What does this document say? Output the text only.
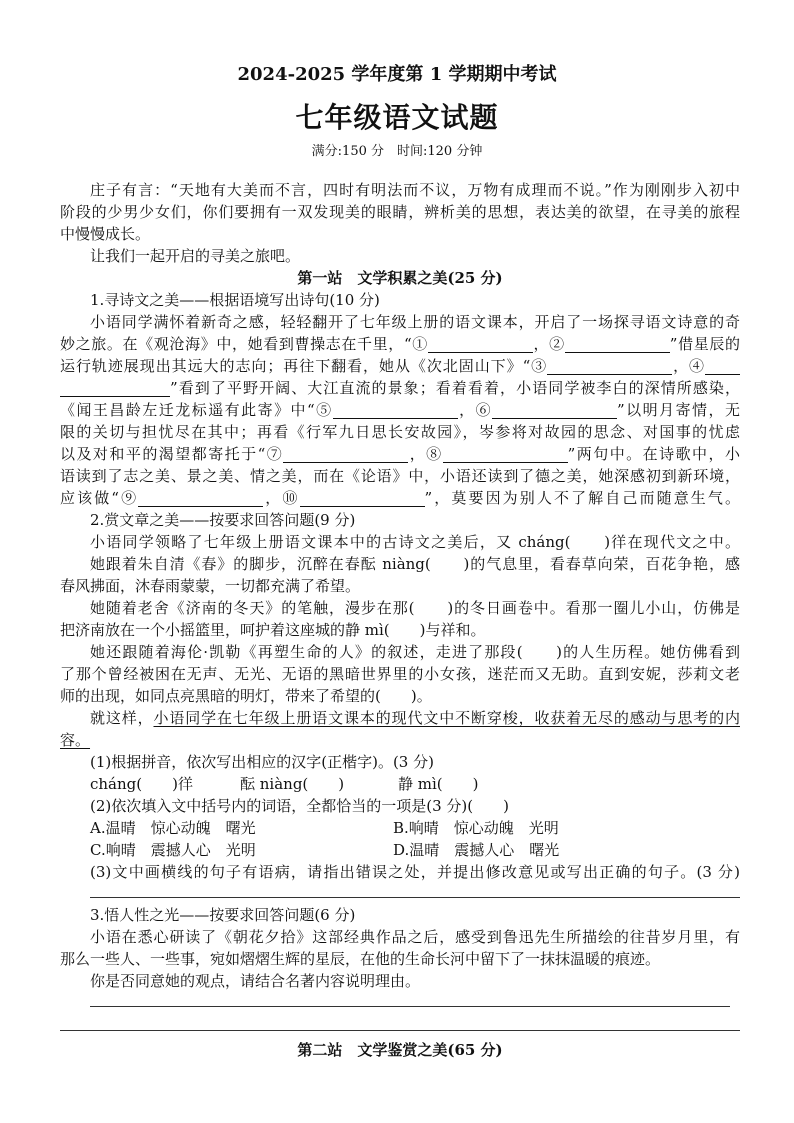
2024-2025 学年度第 1 学期期中考试
七年级语文试题
满分:150 分　时间:120 分钟
庄子有言：“天地有大美而不言，四时有明法而不议，万物有成理而不说。”作为刚刚步入初中
阶段的少男少女们，你们要拥有一双发现美的眼睛，辨析美的思想，表达美的欲望，在寻美的旅程
中慢慢成长。
让我们一起开启的寻美之旅吧。
第一站　文学积累之美(25 分)
1.寻诗文之美——根据语境写出诗句(10 分)
小语同学满怀着新奇之感，轻轻翻开了七年级上册的语文课本，开启了一场探寻语文诗意的奇
妙之旅。在《观沧海》中，她看到曹操志在千里，“①	，②	”借星辰的
运行轨迹展现出其远大的志向；再往下翻看，她从《次北固山下》“③	，④
”看到了平野开阔、大江直流的景象；看着看着，小语同学被李白的深情所感染，
《闻王昌龄左迁龙标遥有此寄》中“⑤	，⑥	”以明月寄情，无
限的关切与担忧尽在其中；再看《行军九日思长安故园》，岑参将对故园的思念、对国事的忧虑
以及对和平的渴望都寄托于“⑦	，⑧	”两句中。在诗歌中，小
语读到了志之美、景之美、情之美，而在《论语》中，小语还读到了德之美，她深感初到新环境，
应该做“⑨	，⑩	”，莫要因为别人不了解自己而随意生气。
2.赏文章之美——按要求回答问题(9 分)
小语同学领略了七年级上册语文课本中的古诗文之美后，又 cháng(　　)徉在现代文之中。
她跟着朱自清《春》的脚步，沉醉在春酝 niàng(　　)的气息里，看春草向荣，百花争艳，感
春风拂面，沐春雨蒙蒙，一切都充满了希望。
她随着老舍《济南的冬天》的笔触，漫步在那(　　)的冬日画卷中。看那一圈儿小山，仿佛是
把济南放在一个小摇篮里，呵护着这座城的静 mì(　　)与祥和。
她还跟随着海伦·凯勒《再塑生命的人》的叙述，走进了那段(　　)的人生历程。她仿佛看到
了那个曾经被困在无声、无光、无语的黑暗世界里的小女孩，迷茫而又无助。直到安妮，莎莉文老
师的出现，如同点亮黑暗的明灯，带来了希望的(　　)。
就这样，小语同学在七年级上册语文课本的现代文中不断穿梭，收获着无尽的感动与思考的内
容。
(1)根据拼音，依次写出相应的汉字(正楷字)。(3 分)
cháng(　　)徉	酝 niàng(　　)	静 mì(　　)
(2)依次填入文中括号内的词语，全都恰当的一项是(3 分)(　　)
A.温晴　惊心动魄　曙光	B.响晴　惊心动魄　光明
C.响晴　震撼人心　光明	D.温晴　震撼人心　曙光
(3)文中画横线的句子有语病，请指出错误之处，并提出修改意见或写出正确的句子。(3 分)
3.悟人性之光——按要求回答问题(6 分)
小语在悉心研读了《朝花夕拾》这部经典作品之后，感受到鲁迅先生所描绘的往昔岁月里，有
那么一些人、一些事，宛如熠熠生辉的星辰，在他的生命长河中留下了一抹抹温暖的痕迹。
你是否同意她的观点，请结合名著内容说明理由。
第二站　文学鉴赏之美(65 分)
